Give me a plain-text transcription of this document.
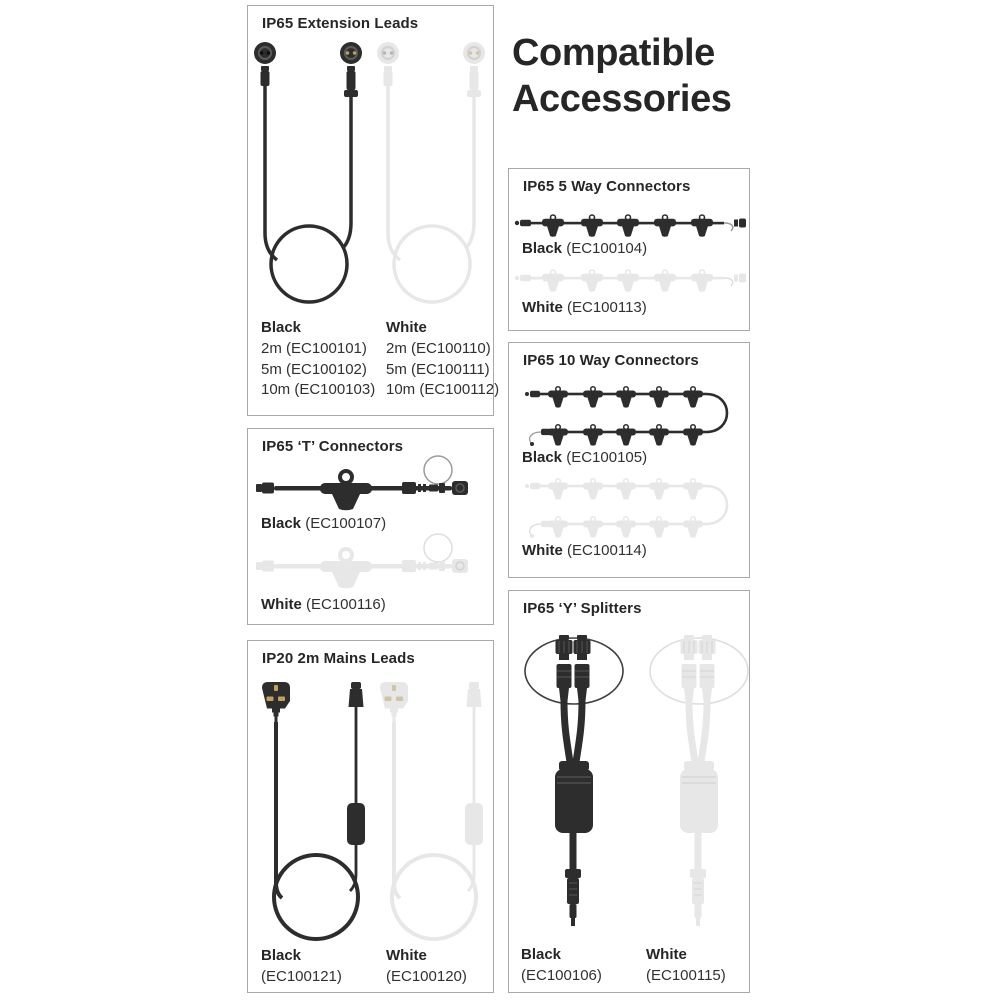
Compatible
Accessories
IP65 Extension Leads
Black
2m (EC100101)
5m (EC100102)
10m (EC100103)
White
2m (EC100110)
5m (EC100111)
10m (EC100112)
IP65 ‘T’ Connectors
Black (EC100107)
White (EC100116)
IP20 2m Mains Leads
Black
(EC100121)
White
(EC100120)
IP65 5 Way Connectors
Black (EC100104)
White (EC100113)
IP65 10 Way Connectors
Black (EC100105)
White (EC100114)
IP65 ‘Y’ Splitters
Black
(EC100106)
White
(EC100115)
